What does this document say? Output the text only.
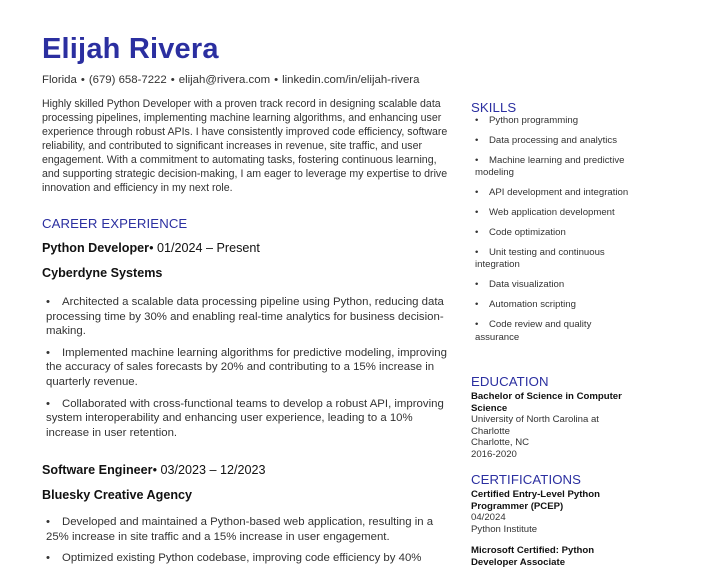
Elijah Rivera
Florida • (679) 658-7222 • elijah@rivera.com • linkedin.com/in/elijah-rivera
Highly skilled Python Developer with a proven track record in designing scalable data processing pipelines, implementing machine learning algorithms, and enhancing user experience through robust APIs. I have consistently improved code efficiency, software reliability, and contributed to significant increases in revenue, site traffic, and user engagement. With a commitment to automating tasks, fostering continuous learning, and supporting strategic decision-making, I am eager to leverage my expertise to drive innovation and efficiency in my next role.
CAREER EXPERIENCE
Python Developer• 01/2024 – Present
Cyberdyne Systems
• Architected a scalable data processing pipeline using Python, reducing data processing time by 30% and enabling real-time analytics for business decision-making.
• Implemented machine learning algorithms for predictive modeling, improving the accuracy of sales forecasts by 20% and contributing to a 15% increase in quarterly revenue.
• Collaborated with cross-functional teams to develop a robust API, improving system interoperability and enhancing user experience, leading to a 10% increase in user retention.
Software Engineer• 03/2023 – 12/2023
Bluesky Creative Agency
• Developed and maintained a Python-based web application, resulting in a 25% increase in site traffic and a 15% increase in user engagement.
• Optimized existing Python codebase, improving code efficiency by 40%
SKILLS
• Python programming
• Data processing and analytics
• Machine learning and predictive modeling
• API development and integration
• Web application development
• Code optimization
• Unit testing and continuous integration
• Data visualization
• Automation scripting
• Code review and quality assurance
EDUCATION
Bachelor of Science in Computer Science
University of North Carolina at Charlotte
Charlotte, NC
2016-2020
CERTIFICATIONS
Certified Entry-Level Python Programmer (PCEP)
04/2024
Python Institute
Microsoft Certified: Python Developer Associate
